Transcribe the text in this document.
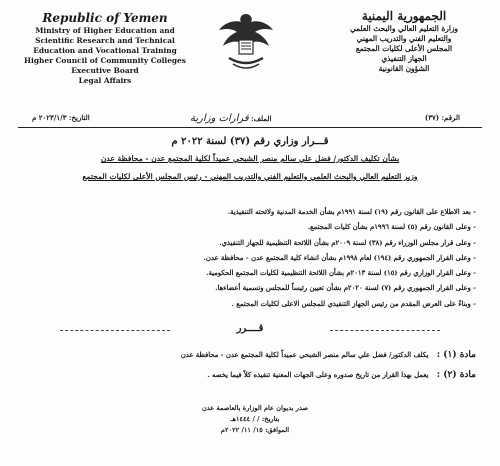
Republic of Yemen
Ministry of Higher Education and
Scientific Research and Technical
Education and Vocational Training
Higher Council of Community Colleges
Executive Board
Legal Affairs
الجمهورية اليمنية
وزارة التعليم العالي والبحث العلمي
والتعليم الفني والتدريب المهني
المجلس الأعلى لكليات المجتمع
الجهاز التنفيذي
الشؤون القانونية
الرقم: (٣٧)
الملف: قرارات وزارية
التاريخ: ٢٠٢٣/١/٣ م
قـــرار وزاري رقم (٣٧) لسنة ٢٠٢٢ م
بشأن تكليف الدكتور/ فضل علي سالم منصر الشبحي عميداً لكلية المجتمع عدن - محافظة عدن
وزير التعليم العالي والبحث العلمي والتعليم الفني والتدريب المهني - رئيس المجلس الأعلى لكليات المجتمع
- بعد الاطلاع على القانون رقم (١٩) لسنة ١٩٩١م بشأن الخدمة المدنية ولائحته التنفيذية.
- وعلى القانون رقم (٥) لسنة ١٩٩٦م بشأن كليات المجتمع.
- وعلى قرار مجلس الوزراء رقم (٣٨) لسنة ٢٠٠٩م بشأن اللائحة التنظيمية للجهاز التنفيذي.
- وعلى القرار الجمهوري رقم (١٩٤) لعام ١٩٩٨م بشأن انشاء كلية المجتمع عدن - محافظة عدن.
- وعلى القرار الوزاري رقم (١٥) لسنة ٢٠١٣م بشأن اللائحة التنظيمية لكليات المجتمع الحكومية.
- وعلى القرار الجمهوري رقم (٧) لسنة ٢٠٢٠م بشأن تعيين رئيساً للمجلس وتسمية أعضاءها.
- وبناءً على العرض المقدم من رئيس الجهاز التنفيذي للمجلس الاعلى لكليات المجتمع .
قــــرر
مادة (١) : يكلف الدكتور/ فضل علي سالم منصر الشبحي عميداً لكلية المجتمع عدن - محافظة عدن
مادة (٢) : يعمل بهذا القرار من تاريخ صدوره وعلى الجهات المعنية تنفيذه كلاً فيما يخصه .
صدر بديوان عام الوزارة بالعاصمة عدن
بتاريخ: / / ١٤٤٤هـ
الموافق: ١٥/ ١١/ ٢٠٢٢م
